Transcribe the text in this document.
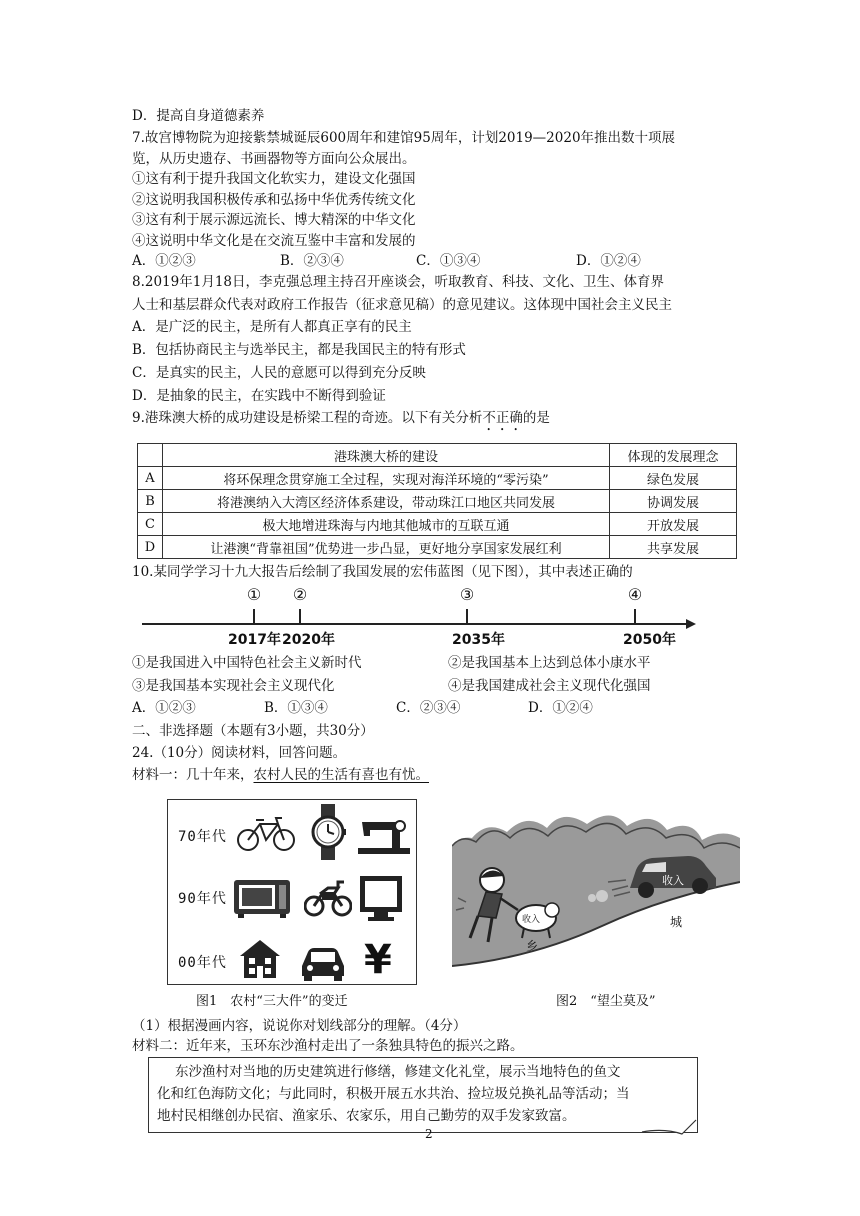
D．提高自身道德素养
7.故宫博物院为迎接紫禁城诞辰600周年和建馆95周年，计划2019—2020年推出数十项展
览，从历史遗存、书画器物等方面向公众展出。
①这有利于提升我国文化软实力，建设文化强国
②这说明我国积极传承和弘扬中华优秀传统文化
③这有利于展示源远流长、博大精深的中华文化
④这说明中华文化是在交流互鉴中丰富和发展的
A．①②③	B．②③④	C．①③④	D．①②④
8.2019年1月18日，李克强总理主持召开座谈会，听取教育、科技、文化、卫生、体育界
人士和基层群众代表对政府工作报告（征求意见稿）的意见建议。这体现中国社会主义民主
A．是广泛的民主，是所有人都真正享有的民主
B．包括协商民主与选举民主，都是我国民主的特有形式
C．是真实的民主，人民的意愿可以得到充分反映
D．是抽象的民主，在实践中不断得到验证
9.港珠澳大桥的成功建设是桥梁工程的奇迹。以下有关分析不正确的是
	港珠澳大桥的建设	体现的发展理念
A	将环保理念贯穿施工全过程，实现对海洋环境的“零污染”	绿色发展
B	将港澳纳入大湾区经济体系建设，带动珠江口地区共同发展	协调发展
C	极大地增进珠海与内地其他城市的互联互通	开放发展
D	让港澳“背靠祖国”优势进一步凸显，更好地分享国家发展红利	共享发展
10.某同学学习十九大报告后绘制了我国发展的宏伟蓝图（见下图），其中表述正确的
①	②	③	④
2017年 2020年	2035年	2050年
①是我国进入中国特色社会主义新时代	②是我国基本上达到总体小康水平
③是我国基本实现社会主义现代化	④是我国建成社会主义现代化强国
A．①②③	B．①③④	C．②③④	D．①②④
二、非选择题（本题有3小题，共30分）
24.（10分）阅读材料，回答问题。
材料一：几十年来，农村人民的生活有喜也有忧。
70年代
90年代
00年代	¥
图1　农村“三大件”的变迁
收入
城
收入
乡
图2　“望尘莫及”
（1）根据漫画内容，说说你对划线部分的理解。（4分）
材料二：近年来，玉环东沙渔村走出了一条独具特色的振兴之路。
东沙渔村对当地的历史建筑进行修缮，修建文化礼堂，展示当地特色的鱼文
化和红色海防文化；与此同时，积极开展五水共治、捡垃圾兑换礼品等活动；当
地村民相继创办民宿、渔家乐、农家乐，用自己勤劳的双手发家致富。
2
